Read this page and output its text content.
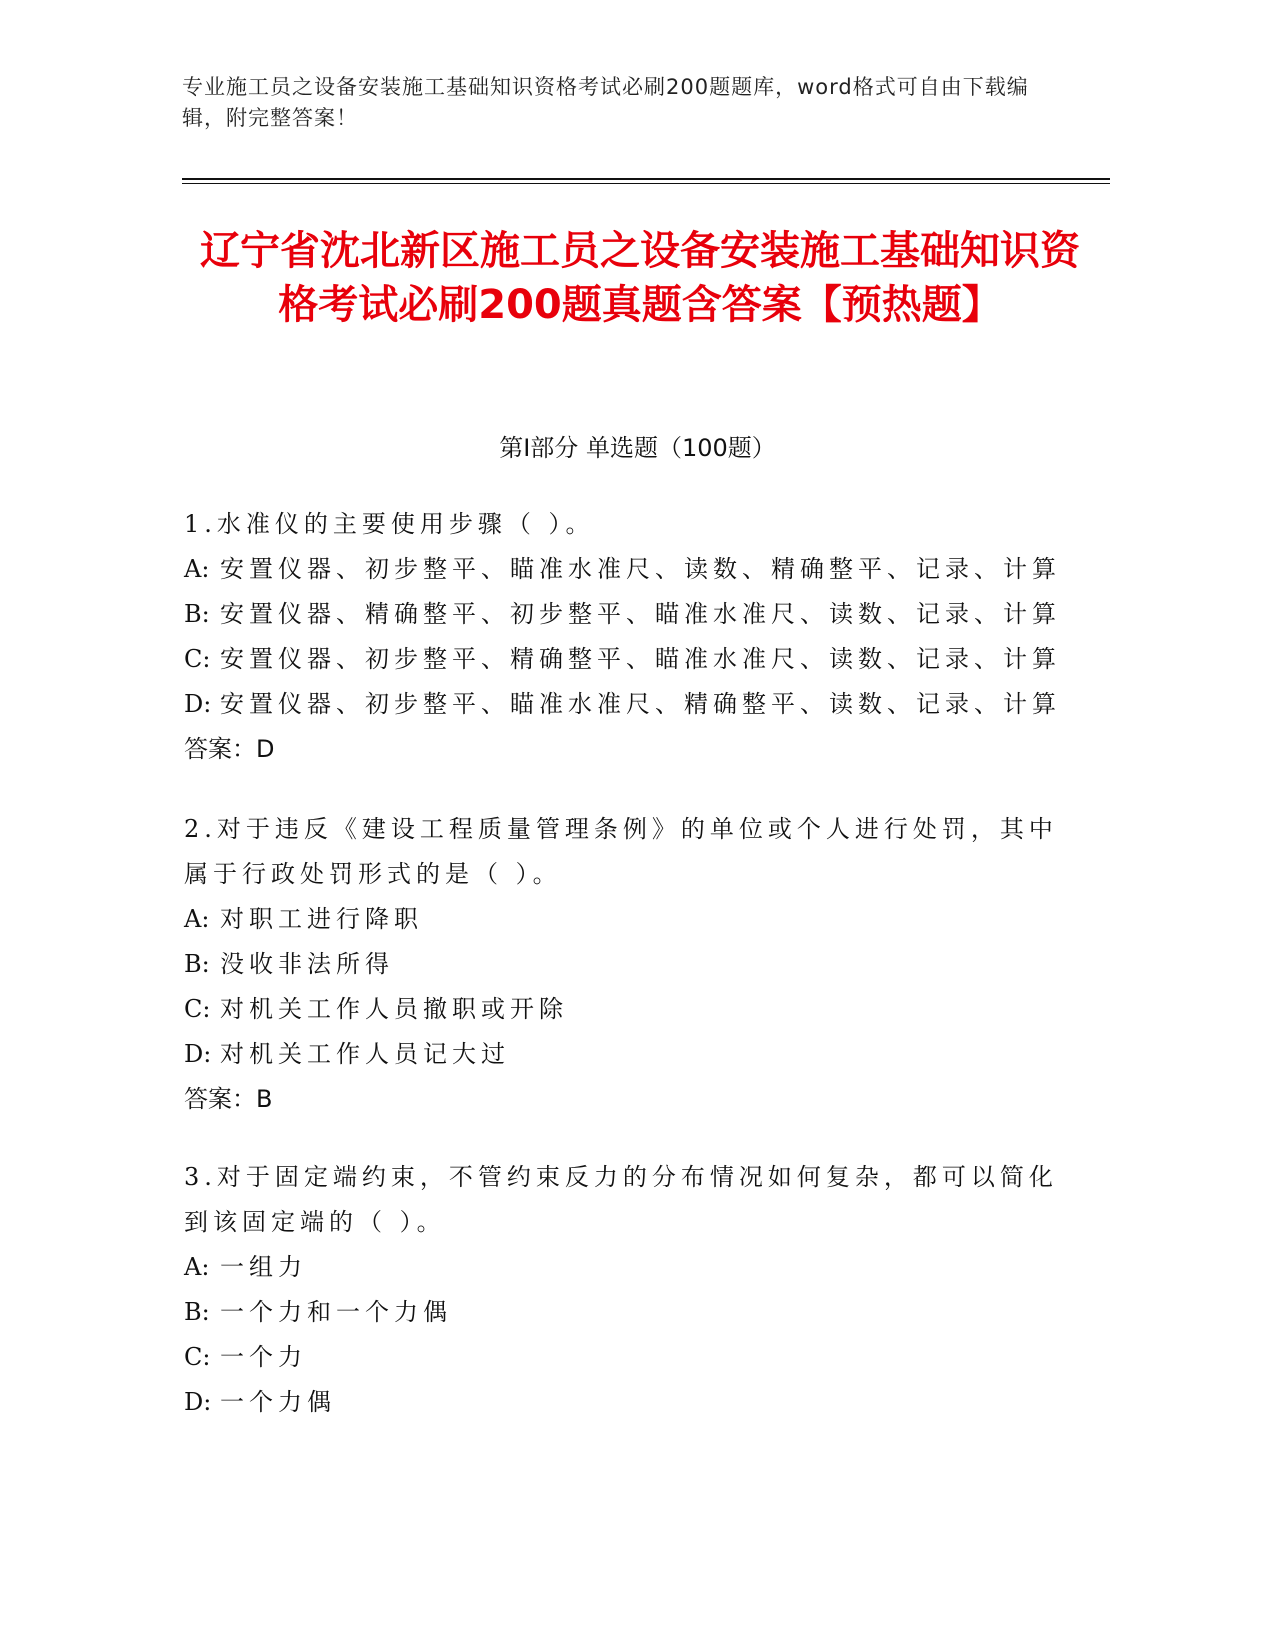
专业施工员之设备安装施工基础知识资格考试必刷200题题库，word格式可自由下载编辑，附完整答案！
辽宁省沈北新区施工员之设备安装施工基础知识资格考试必刷200题真题含答案【预热题】
第Ⅰ部分 单选题（100题）
1.水准仪的主要使用步骤（ ）。
A: 安置仪器、初步整平、瞄准水准尺、读数、精确整平、记录、计算
B: 安置仪器、精确整平、初步整平、瞄准水准尺、读数、记录、计算
C: 安置仪器、初步整平、精确整平、瞄准水准尺、读数、记录、计算
D: 安置仪器、初步整平、瞄准水准尺、精确整平、读数、记录、计算
答案：D
2.对于违反《建设工程质量管理条例》的单位或个人进行处罚，其中属于行政处罚形式的是（ ）。
A: 对职工进行降职
B: 没收非法所得
C: 对机关工作人员撤职或开除
D: 对机关工作人员记大过
答案：B
3.对于固定端约束，不管约束反力的分布情况如何复杂，都可以简化到该固定端的（ ）。
A: 一组力
B: 一个力和一个力偶
C: 一个力
D: 一个力偶
